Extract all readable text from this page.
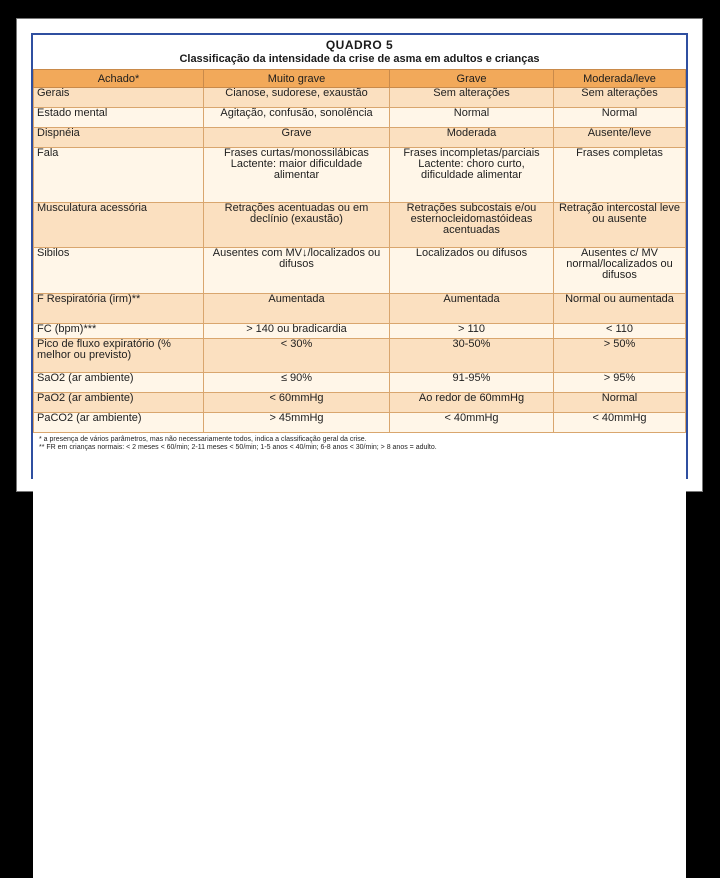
QUADRO 5
Classificação da intensidade da crise de asma em adultos e crianças
Achado*	Muito grave	Grave	Moderada/leve
Gerais	Cianose, sudorese, exaustão	Sem alterações	Sem alterações
Estado mental	Agitação, confusão, sonolência	Normal	Normal
Dispnéia	Grave	Moderada	Ausente/leve
Fala	Frases curtas/monossilábicas Lactente: maior dificuldade alimentar	Frases incompletas/parciais Lactente: choro curto, dificuldade alimentar	Frases completas
Musculatura acessória	Retrações acentuadas ou em declínio (exaustão)	Retrações subcostais e/ou esternocleidomastóideas acentuadas	Retração intercostal leve ou ausente
Sibilos	Ausentes com MV↓/localizados ou difusos	Localizados ou difusos	Ausentes c/ MV normal/localizados ou difusos
F Respiratória (irm)**	Aumentada	Aumentada	Normal ou aumentada
FC (bpm)***	> 140 ou bradicardia	> 110	< 110
Pico de fluxo expiratório (% melhor ou previsto)	< 30%	30-50%	> 50%
SaO2 (ar ambiente)	≤ 90%	91-95%	> 95%
PaO2 (ar ambiente)	< 60mmHg	Ao redor de 60mmHg	Normal
PaCO2 (ar ambiente)	> 45mmHg	< 40mmHg	< 40mmHg
* a presença de vários parâmetros, mas não necessariamente todos, indica a classificação geral da crise.
** FR em crianças normais: < 2 meses < 60/min; 2-11 meses < 50/min; 1-5 anos < 40/min; 6-8 anos < 30/min; > 8 anos = adulto.
III Consenso Brasileiro de Asma, 2002
